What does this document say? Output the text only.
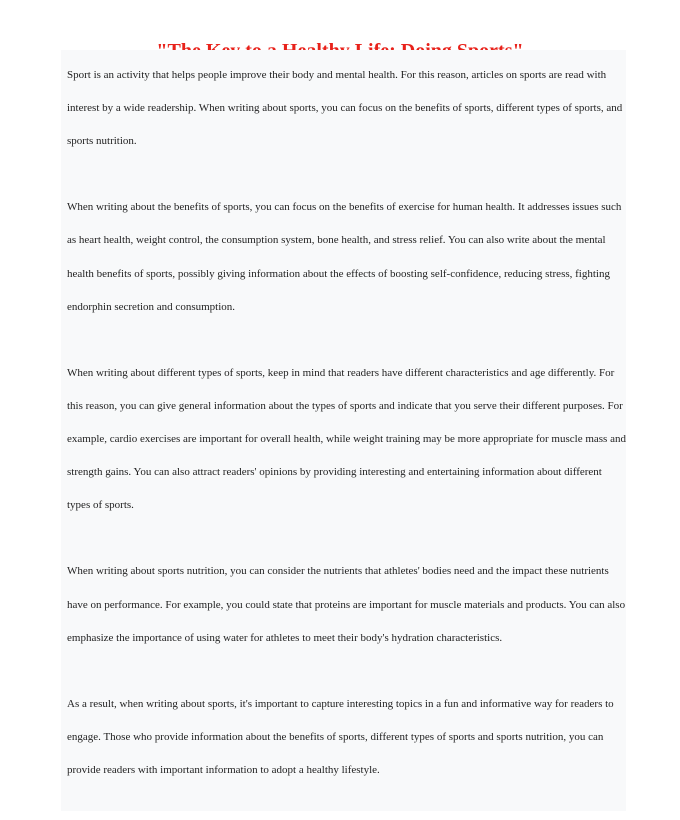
Sport is an activity that helps people improve their body and mental health. For this reason, articles on sports are read with interest by a wide readership. When writing about sports, you can focus on the benefits of sports, different types of sports, and sports nutrition.

When writing about the benefits of sports, you can focus on the benefits of exercise for human health. It addresses issues such as heart health, weight control, the consumption system, bone health, and stress relief. You can also write about the mental health benefits of sports, possibly giving information about the effects of boosting self-confidence, reducing stress, fighting endorphin secretion and consumption.

When writing about different types of sports, keep in mind that readers have different characteristics and age differently. For this reason, you can give general information about the types of sports and indicate that you serve their different purposes. For example, cardio exercises are important for overall health, while weight training may be more appropriate for muscle mass and strength gains. You can also attract readers' opinions by providing interesting and entertaining information about different types of sports.

When writing about sports nutrition, you can consider the nutrients that athletes' bodies need and the impact these nutrients have on performance. For example, you could state that proteins are important for muscle materials and products. You can also emphasize the importance of using water for athletes to meet their body's hydration characteristics.

As a result, when writing about sports, it's important to capture interesting topics in a fun and informative way for readers to engage. Those who provide information about the benefits of sports, different types of sports and sports nutrition, you can provide readers with important information to adopt a healthy lifestyle.
